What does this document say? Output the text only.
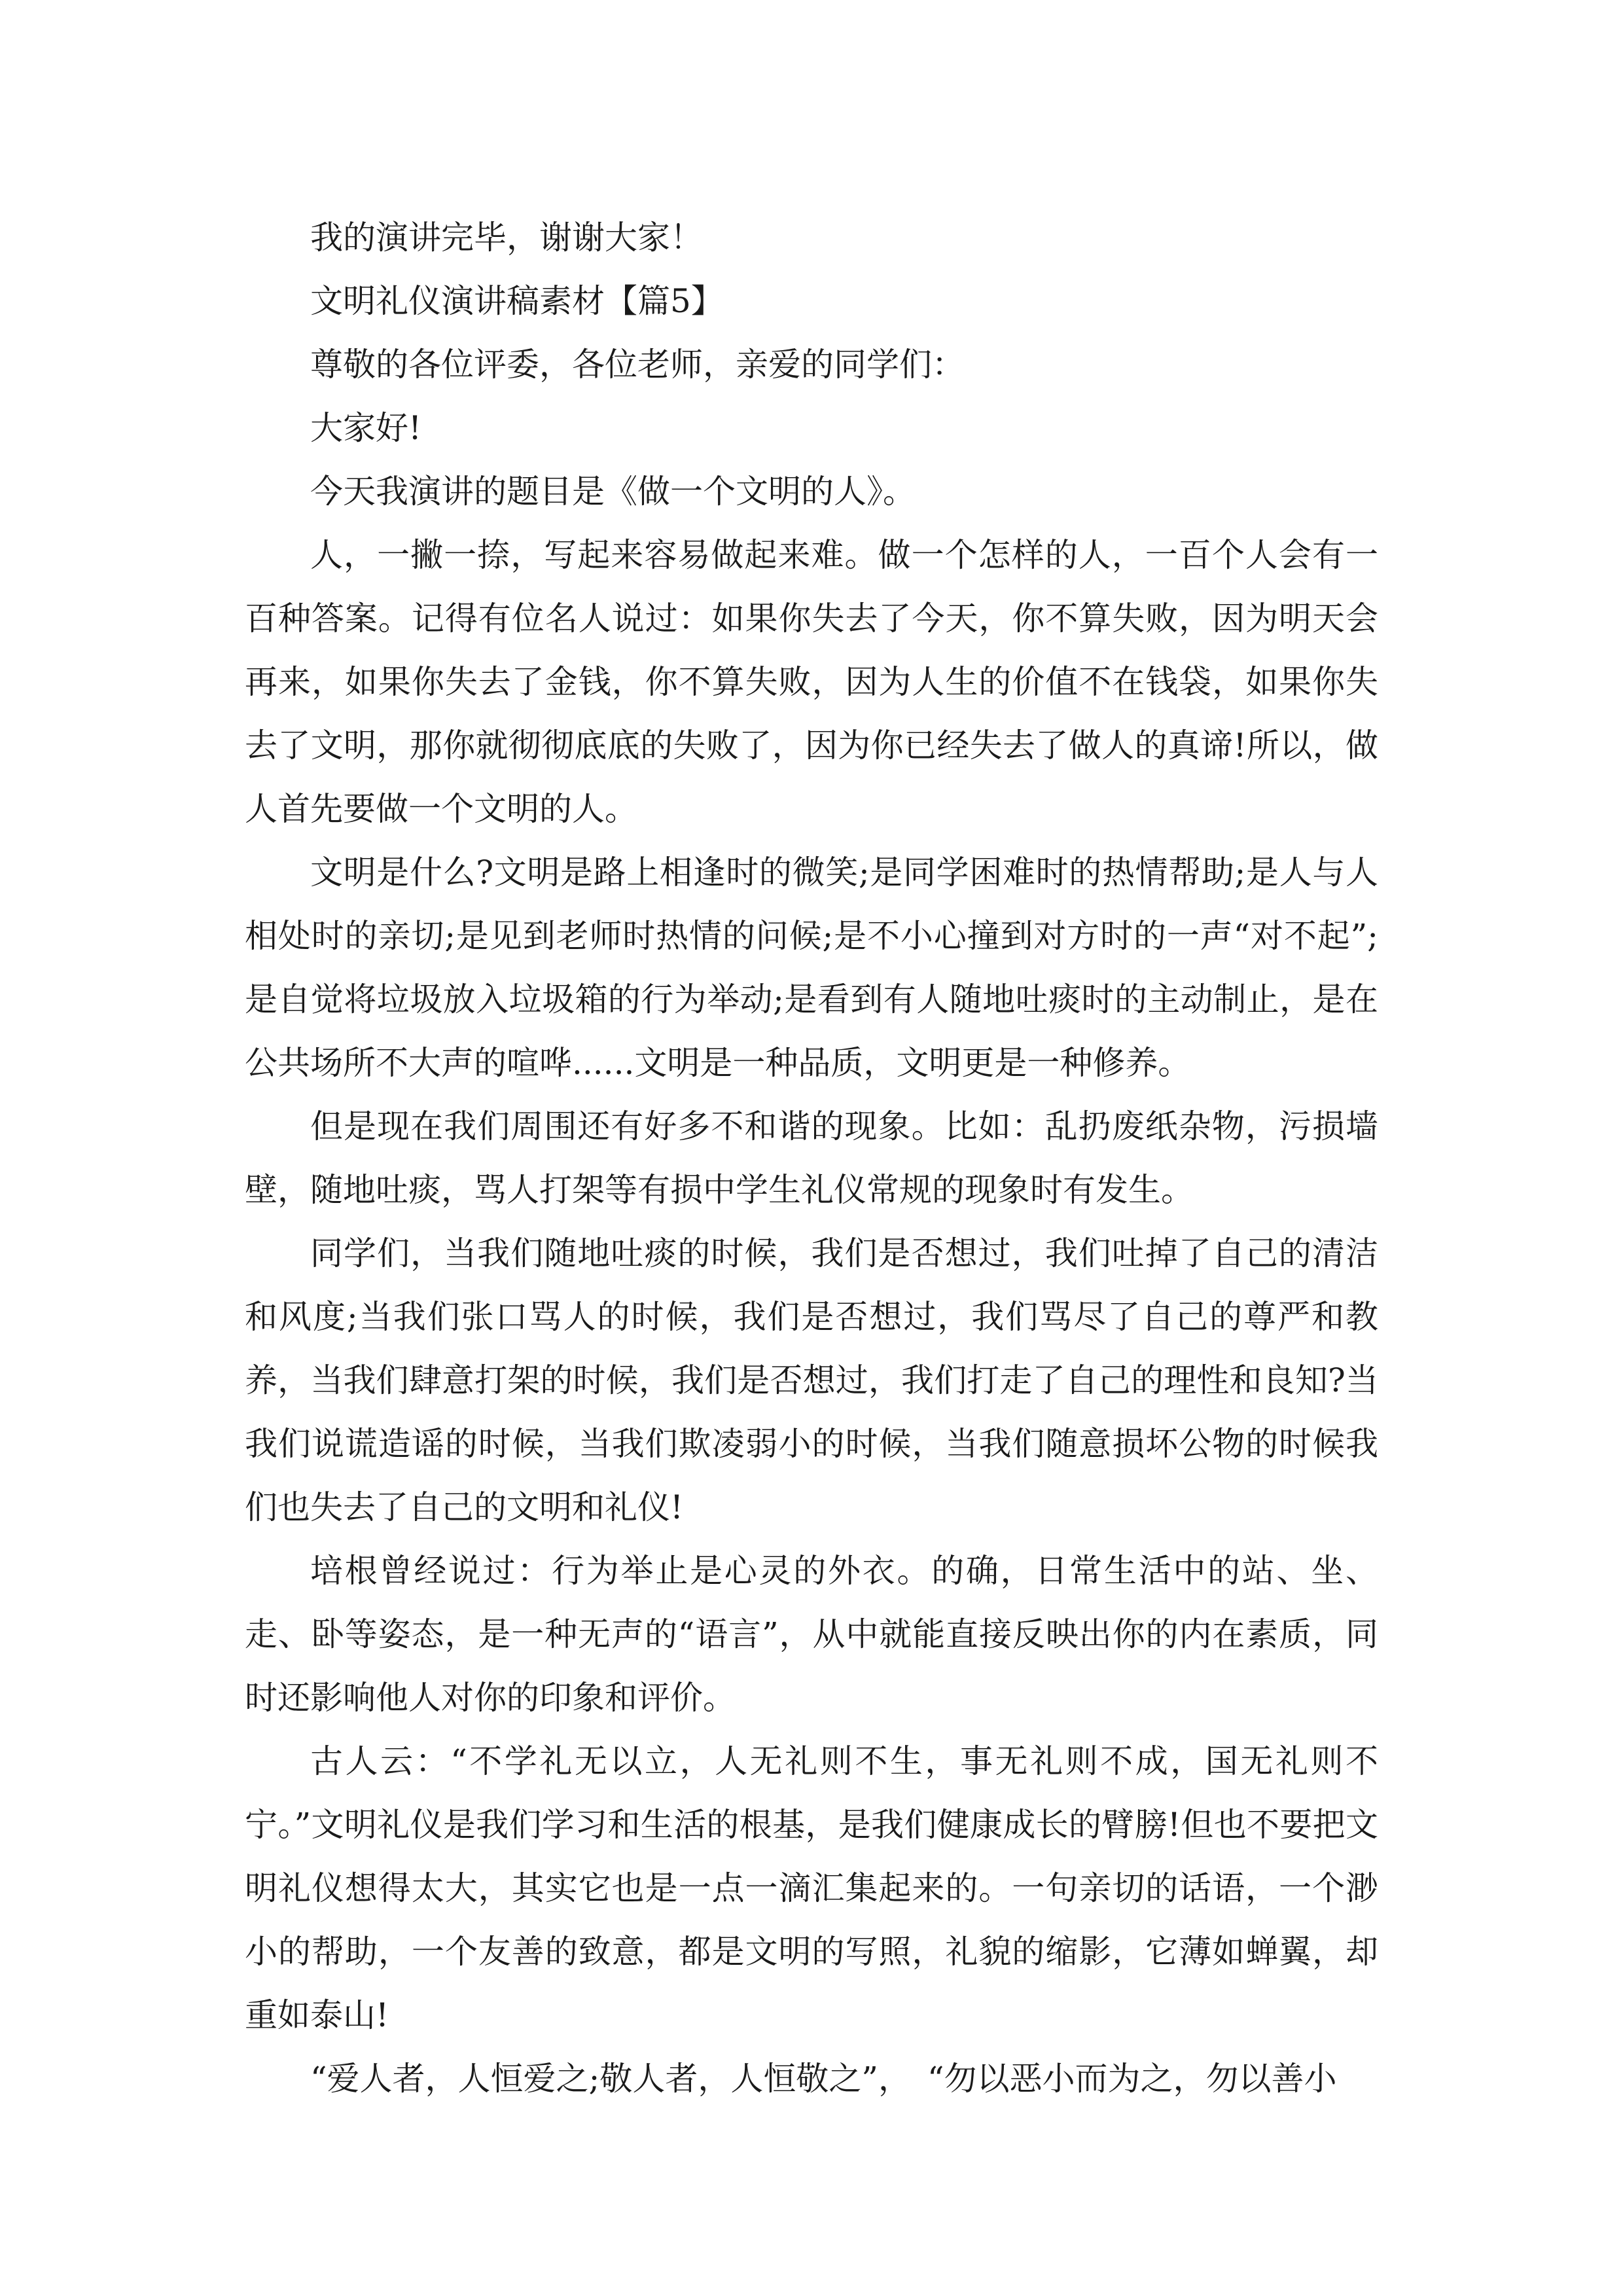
我的演讲完毕，谢谢大家！

文明礼仪演讲稿素材【篇5】

尊敬的各位评委，各位老师，亲爱的同学们：

大家好!

今天我演讲的题目是《做一个文明的人》。

人，一撇一捺，写起来容易做起来难。做一个怎样的人，一百个人会有一百种答案。记得有位名人说过：如果你失去了今天，你不算失败，因为明天会再来，如果你失去了金钱，你不算失败，因为人生的价值不在钱袋，如果你失去了文明，那你就彻彻底底的失败了，因为你已经失去了做人的真谛!所以，做人首先要做一个文明的人。

文明是什么?文明是路上相逢时的微笑;是同学困难时的热情帮助;是人与人相处时的亲切;是见到老师时热情的问候;是不小心撞到对方时的一声“对不起”;是自觉将垃圾放入垃圾箱的行为举动;是看到有人随地吐痰时的主动制止，是在公共场所不大声的喧哗......文明是一种品质，文明更是一种修养。

但是现在我们周围还有好多不和谐的现象。比如：乱扔废纸杂物，污损墙壁，随地吐痰，骂人打架等有损中学生礼仪常规的现象时有发生。

同学们，当我们随地吐痰的时候，我们是否想过，我们吐掉了自己的清洁和风度;当我们张口骂人的时候，我们是否想过，我们骂尽了自己的尊严和教养，当我们肆意打架的时候，我们是否想过，我们打走了自己的理性和良知?当我们说谎造谣的时候，当我们欺凌弱小的时候，当我们随意损坏公物的时候我们也失去了自己的文明和礼仪!

培根曾经说过：行为举止是心灵的外衣。的确，日常生活中的站、坐、走、卧等姿态，是一种无声的“语言”，从中就能直接反映出你的内在素质，同时还影响他人对你的印象和评价。

古人云：“不学礼无以立，人无礼则不生，事无礼则不成，国无礼则不宁。”文明礼仪是我们学习和生活的根基，是我们健康成长的臂膀!但也不要把文明礼仪想得太大，其实它也是一点一滴汇集起来的。一句亲切的话语，一个渺小的帮助，一个友善的致意，都是文明的写照，礼貌的缩影，它薄如蝉翼，却重如泰山!

“爱人者，人恒爱之;敬人者，人恒敬之”，　“勿以恶小而为之，勿以善小
